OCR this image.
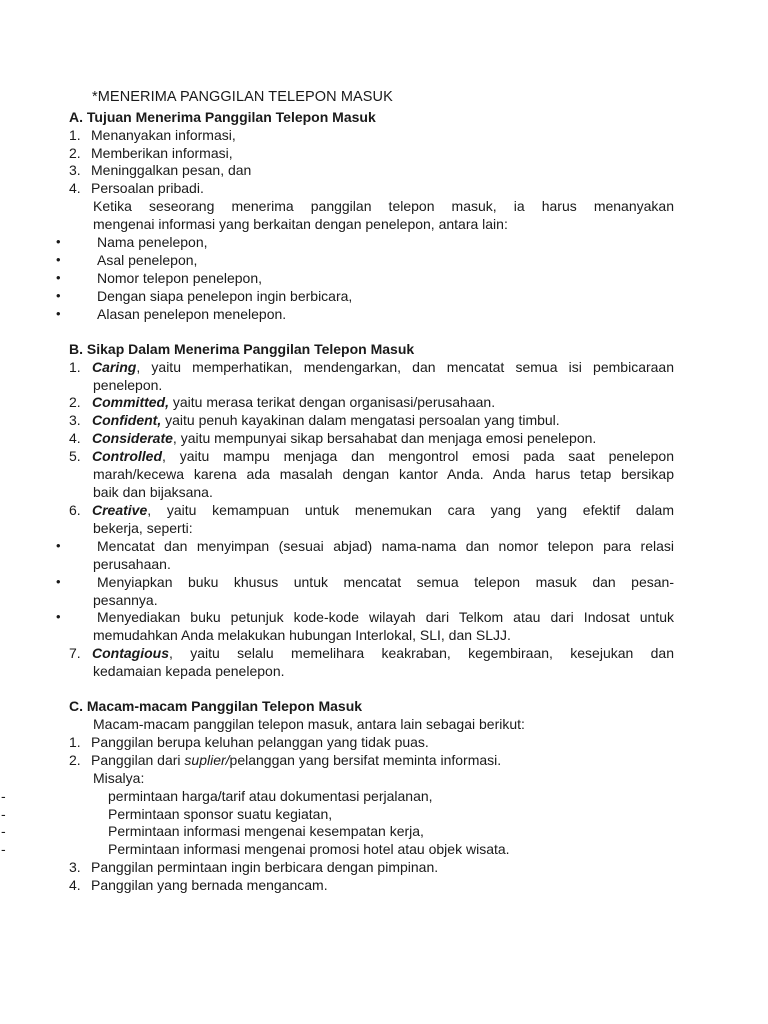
*MENERIMA PANGGILAN TELEPON MASUK
A. Tujuan Menerima Panggilan Telepon Masuk
1. Menanyakan informasi,
2. Memberikan informasi,
3. Meninggalkan pesan, dan
4. Persoalan pribadi.
Ketika seseorang menerima panggilan telepon masuk, ia harus menanyakan
mengenai informasi yang berkaitan dengan penelepon, antara lain:
•	Nama penelepon,
•	Asal penelepon,
•	Nomor telepon penelepon,
•	Dengan siapa penelepon ingin berbicara,
•	Alasan penelepon menelepon.
B. Sikap Dalam Menerima Panggilan Telepon Masuk
1. Caring, yaitu memperhatikan, mendengarkan, dan mencatat semua isi pembicaraan
penelepon.
2. Committed, yaitu merasa terikat dengan organisasi/perusahaan.
3. Confident, yaitu penuh kayakinan dalam mengatasi persoalan yang timbul.
4. Considerate, yaitu mempunyai sikap bersahabat dan menjaga emosi penelepon.
5. Controlled, yaitu mampu menjaga dan mengontrol emosi pada saat penelepon
marah/kecewa karena ada masalah dengan kantor Anda. Anda harus tetap bersikap
baik dan bijaksana.
6. Creative, yaitu kemampuan untuk menemukan cara yang yang efektif dalam
bekerja, seperti:
•	Mencatat dan menyimpan (sesuai abjad) nama-nama dan nomor telepon para relasi
perusahaan.
•	Menyiapkan buku khusus untuk mencatat semua telepon masuk dan pesan-
pesannya.
•	Menyediakan buku petunjuk kode-kode wilayah dari Telkom atau dari Indosat untuk
memudahkan Anda melakukan hubungan Interlokal, SLI, dan SLJJ.
7. Contagious, yaitu selalu memelihara keakraban, kegembiraan, kesejukan dan
kedamaian kepada penelepon.
C. Macam-macam Panggilan Telepon Masuk
Macam-macam panggilan telepon masuk, antara lain sebagai berikut:
1. Panggilan berupa keluhan pelanggan yang tidak puas.
2. Panggilan dari suplier/pelanggan yang bersifat meminta informasi.
Misalya:
-	permintaan harga/tarif atau dokumentasi perjalanan,
-	Permintaan sponsor suatu kegiatan,
-	Permintaan informasi mengenai kesempatan kerja,
-	Permintaan informasi mengenai promosi hotel atau objek wisata.
3. Panggilan permintaan ingin berbicara dengan pimpinan.
4. Panggilan yang bernada mengancam.
